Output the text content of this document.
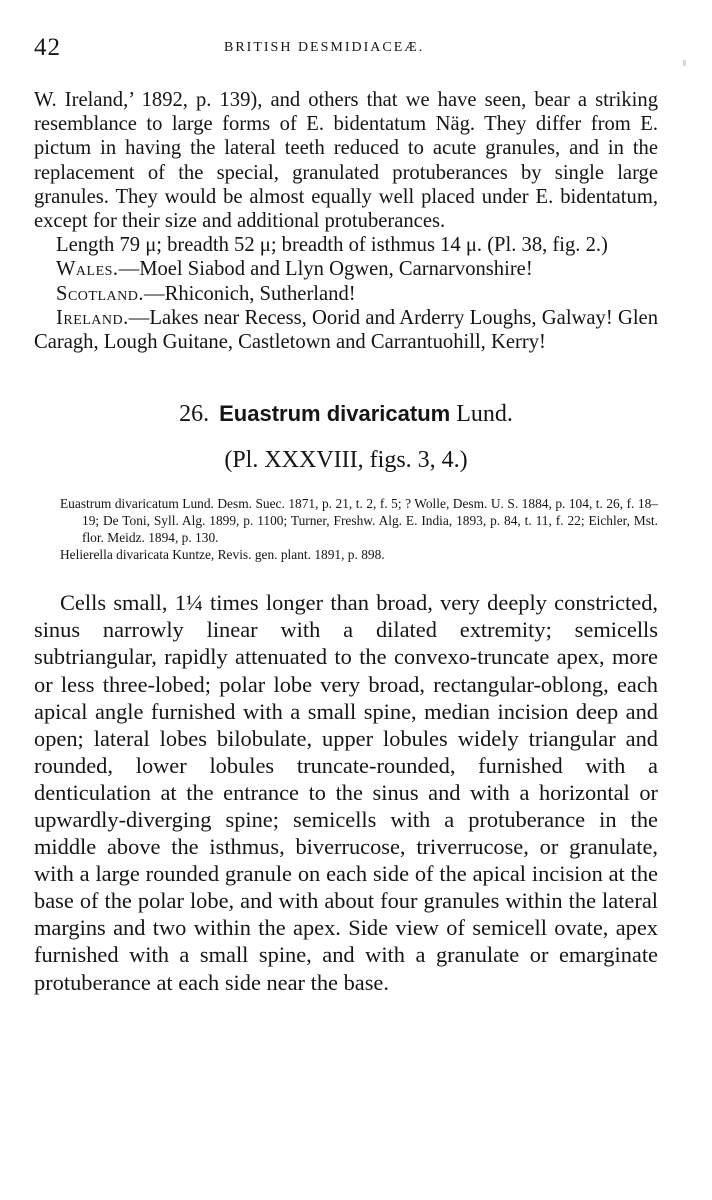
42	BRITISH DESMIDIACEÆ.

W. Ireland,’ 1892, p. 139), and others that we have seen, bear a striking resemblance to large forms of E. bidentatum Näg. They differ from E. pictum in having the lateral teeth reduced to acute granules, and in the replacement of the special, granulated protuberances by single large granules. They would be almost equally well placed under E. bidentatum, except for their size and additional protuberances.

Length 79 μ; breadth 52 μ; breadth of isthmus 14 μ. (Pl. 38, fig. 2.)

Wales.—Moel Siabod and Llyn Ogwen, Carnarvonshire!

Scotland.—Rhiconich, Sutherland!

Ireland.—Lakes near Recess, Oorid and Arderry Loughs, Galway! Glen Caragh, Lough Guitane, Castletown and Carrantuohill, Kerry!

26. Euastrum divaricatum Lund.
(Pl. XXXVIII, figs. 3, 4.)

Euastrum divaricatum Lund. Desm. Suec. 1871, p. 21, t. 2, f. 5; ? Wolle, Desm. U. S. 1884, p. 104, t. 26, f. 18–19; De Toni, Syll. Alg. 1899, p. 1100; Turner, Freshw. Alg. E. India, 1893, p. 84, t. 11, f. 22; Eichler, Mst. flor. Meidz. 1894, p. 130.

Helierella divaricata Kuntze, Revis. gen. plant. 1891, p. 898.

Cells small, 1¼ times longer than broad, very deeply constricted, sinus narrowly linear with a dilated extremity; semicells subtriangular, rapidly attenuated to the convexo-truncate apex, more or less three-lobed; polar lobe very broad, rectangular-oblong, each apical angle furnished with a small spine, median incision deep and open; lateral lobes bilobulate, upper lobules widely triangular and rounded, lower lobules truncate-rounded, furnished with a denticulation at the entrance to the sinus and with a horizontal or upwardly-diverging spine; semicells with a protuberance in the middle above the isthmus, biverrucose, triverrucose, or granulate, with a large rounded granule on each side of the apical incision at the base of the polar lobe, and with about four granules within the lateral margins and two within the apex. Side view of semicell ovate, apex furnished with a small spine, and with a granulate or emarginate protuberance at each side near the base.
